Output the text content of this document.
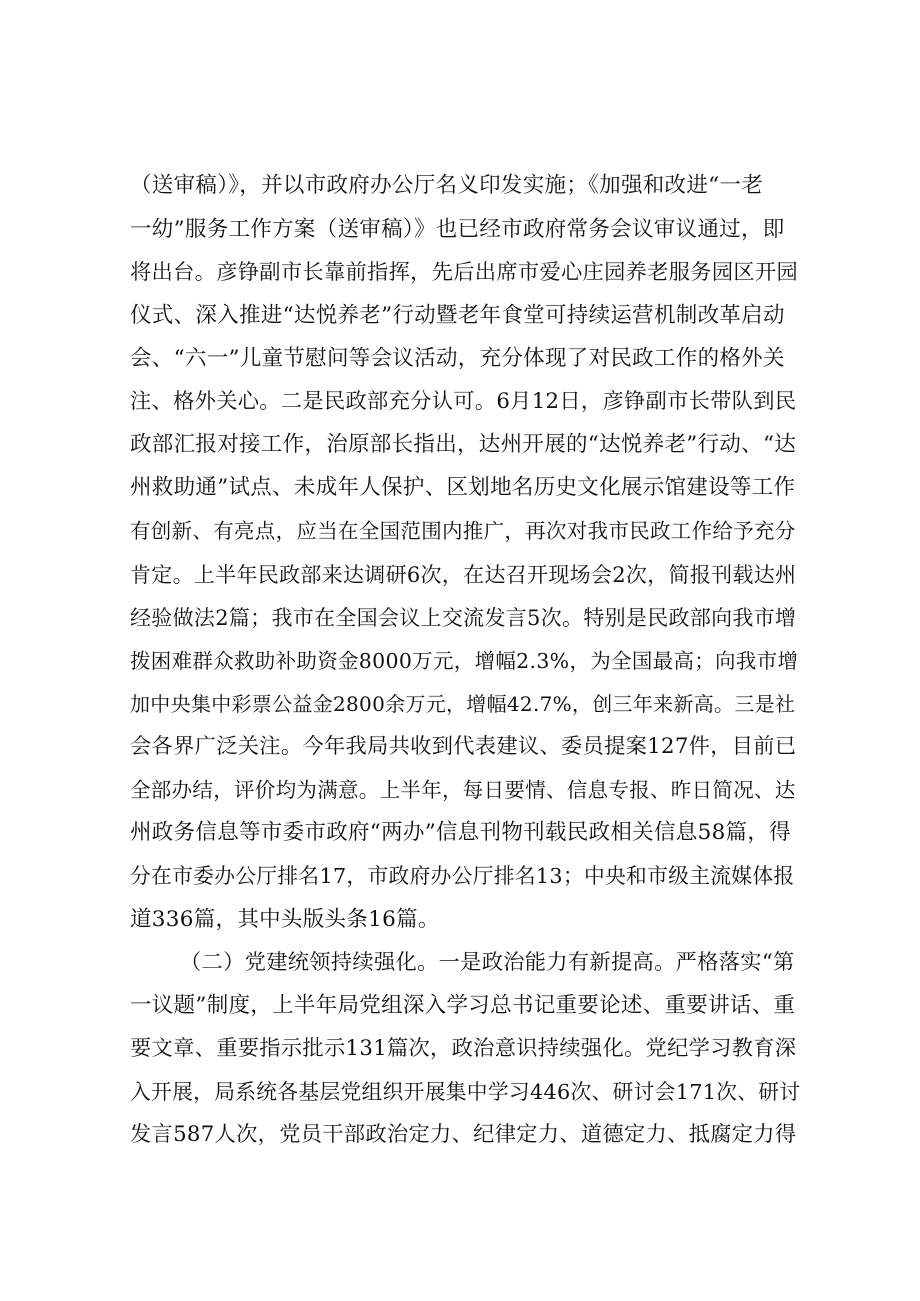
（送审稿）》，并以市政府办公厅名义印发实施；《加强和改进“一老
一幼”服务工作方案（送审稿）》也已经市政府常务会议审议通过，即
将出台。彦铮副市长靠前指挥，先后出席市爱心庄园养老服务园区开园
仪式、深入推进“达悦养老”行动暨老年食堂可持续运营机制改革启动
会、“六一”儿童节慰问等会议活动，充分体现了对民政工作的格外关
注、格外关心。二是民政部充分认可。6月12日，彦铮副市长带队到民
政部汇报对接工作，治原部长指出，达州开展的“达悦养老”行动、“达
州救助通”试点、未成年人保护、区划地名历史文化展示馆建设等工作
有创新、有亮点，应当在全国范围内推广，再次对我市民政工作给予充分
肯定。上半年民政部来达调研6次，在达召开现场会2次，简报刊载达州
经验做法2篇；我市在全国会议上交流发言5次。特别是民政部向我市增
拨困难群众救助补助资金8000万元，增幅2.3%，为全国最高；向我市增
加中央集中彩票公益金2800余万元，增幅42.7%，创三年来新高。三是社
会各界广泛关注。今年我局共收到代表建议、委员提案127件，目前已
全部办结，评价均为满意。上半年，每日要情、信息专报、昨日简况、达
州政务信息等市委市政府“两办”信息刊物刊载民政相关信息58篇，得
分在市委办公厅排名17，市政府办公厅排名13；中央和市级主流媒体报
道336篇，其中头版头条16篇。
（二）党建统领持续强化。一是政治能力有新提高。严格落实“第
一议题”制度，上半年局党组深入学习总书记重要论述、重要讲话、重
要文章、重要指示批示131篇次，政治意识持续强化。党纪学习教育深
入开展，局系统各基层党组织开展集中学习446次、研讨会171次、研讨
发言587人次，党员干部政治定力、纪律定力、道德定力、抵腐定力得
